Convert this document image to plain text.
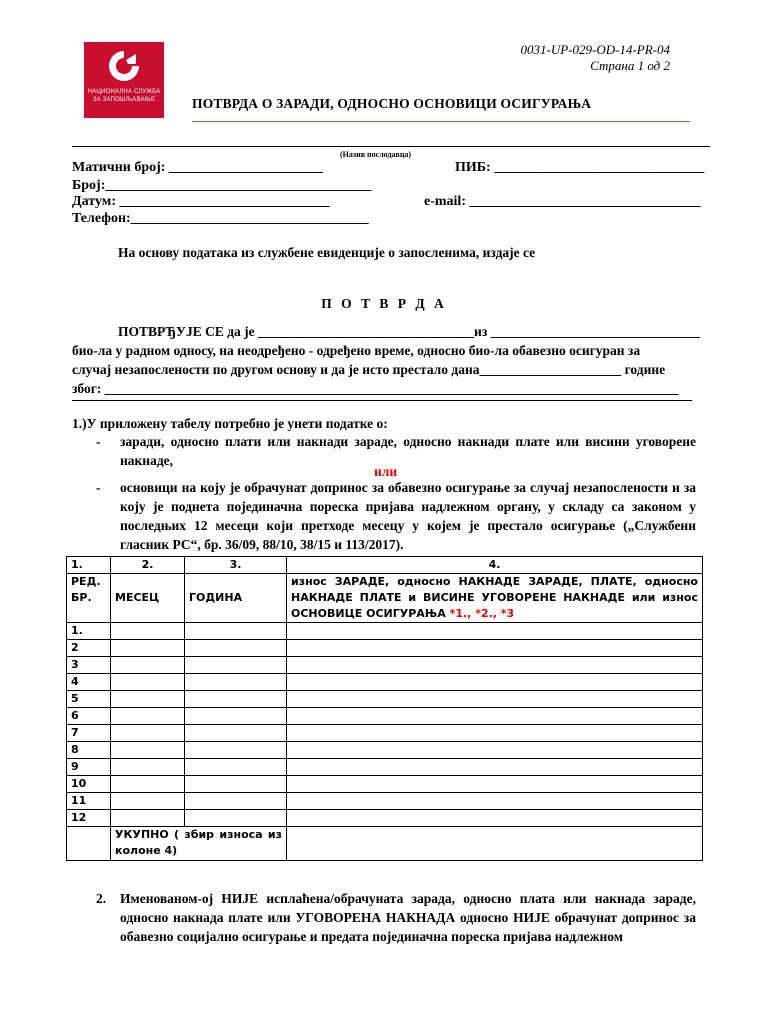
НАЦИОНАЛНА СЛУЖБА
ЗА ЗАПОШЉАВАЊЕ
0031-UP-029-OD-14-PR-04
Страна 1 од 2
ПОТВРДА О ЗАРАДИ, ОДНОСНО ОСНОВИЦИ ОСИГУРАЊА
(Назив послодавца)
Матични број: ______________________	ПИБ: ______________________________
Број:______________________________________
Датум: ______________________________	e-mail: _________________________________
Телефон:__________________________________
На основу података из службене евиденције о запосленима, издаје се
П О Т В Р Д А
ПОТВРЂУЈЕ СЕ да је ________________________________из _______________________________
био-ла у радном односу, на неодређено - одређено време, односно био-ла обавезно осигуран за
случај незапослености по другом основу и да је исто престало дана_____________________ године
због: _____________________________________________________________________________________
1.)У приложену табелу потребно је унети податке о:
- зaради, односно плати или накнади зараде, односно накнади плате или висини уговорене накнаде,
или
- основици на коју је обрачунат допринос за обавезно осигурање за случај незапослености и за коју је поднета појединачна пореска пријава надлежном органу, у складу са законом у последњих 12 месеци који претходе месецу у којем је престало осигурање („Службени гласник РС“, бр. 36/09, 88/10, 38/15 и 113/2017).
1.	2.	3.	4.
РЕД. БР.	МЕСЕЦ	ГОДИНА	износ ЗАРАДЕ, односно НАКНАДЕ ЗАРАДЕ, ПЛАТЕ, односно НАКНАДЕ ПЛАТЕ и ВИСИНЕ УГОВОРЕНЕ НАКНАДЕ или износ ОСНОВИЦЕ ОСИГУРАЊА *1., *2., *3
1.			
2			
3			
4			
5			
6			
7			
8			
9			
10			
11			
12			
	УКУПНО ( збир износа из колоне 4)		
2. Именованом-ој НИЈЕ исплаћена/обрачуната зарада, односно плата или накнада зараде, односно накнада плате или УГОВОРЕНА НАКНАДА односно НИЈЕ обрачунат допринос за обавезно социјално осигурање и предата појединачна пореска пријава надлежном
